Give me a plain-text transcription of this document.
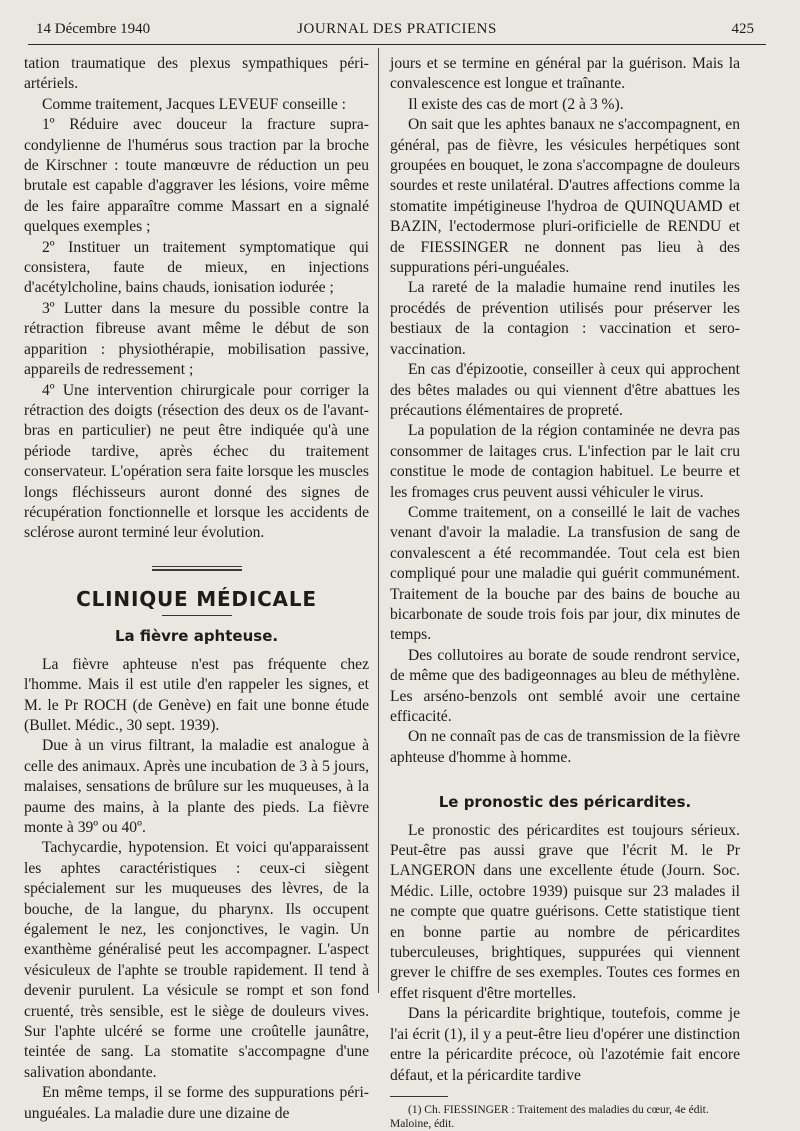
14 Décembre 1940	JOURNAL DES PRATICIENS	425

tation traumatique des plexus sympathiques péri-artériels.

Comme traitement, Jacques LEVEUF conseille :

1º Réduire avec douceur la fracture supra-condylienne de l'humérus sous traction par la broche de Kirschner : toute manœuvre de réduction un peu brutale est capable d'aggraver les lésions, voire même de les faire apparaître comme Massart en a signalé quelques exemples ;

2º Instituer un traitement symptomatique qui consistera, faute de mieux, en injections d'acétylcholine, bains chauds, ionisation iodurée ;

3º Lutter dans la mesure du possible contre la rétraction fibreuse avant même le début de son apparition : physiothérapie, mobilisation passive, appareils de redressement ;

4º Une intervention chirurgicale pour corriger la rétraction des doigts (résection des deux os de l'avant-bras en particulier) ne peut être indiquée qu'à une période tardive, après échec du traitement conservateur. L'opération sera faite lorsque les muscles longs fléchisseurs auront donné des signes de récupération fonctionnelle et lorsque les accidents de sclérose auront terminé leur évolution.

CLINIQUE MÉDICALE
La fièvre aphteuse.

La fièvre aphteuse n'est pas fréquente chez l'homme. Mais il est utile d'en rappeler les signes, et M. le Pr ROCH (de Genève) en fait une bonne étude (Bullet. Médic., 30 sept. 1939).

Due à un virus filtrant, la maladie est analogue à celle des animaux. Après une incubation de 3 à 5 jours, malaises, sensations de brûlure sur les muqueuses, à la paume des mains, à la plante des pieds. La fièvre monte à 39º ou 40º.

Tachycardie, hypotension. Et voici qu'apparaissent les aphtes caractéristiques : ceux-ci siègent spécialement sur les muqueuses des lèvres, de la bouche, de la langue, du pharynx. Ils occupent également le nez, les conjonctives, le vagin. Un exanthème généralisé peut les accompagner. L'aspect vésiculeux de l'aphte se trouble rapidement. Il tend à devenir purulent. La vésicule se rompt et son fond cruenté, très sensible, est le siège de douleurs vives. Sur l'aphte ulcéré se forme une croûtelle jaunâtre, teintée de sang. La stomatite s'accompagne d'une salivation abondante.

En même temps, il se forme des suppurations péri-unguéales. La maladie dure une dizaine de

jours et se termine en général par la guérison. Mais la convalescence est longue et traînante.

Il existe des cas de mort (2 à 3 %).

On sait que les aphtes banaux ne s'accompagnent, en général, pas de fièvre, les vésicules herpétiques sont groupées en bouquet, le zona s'accompagne de douleurs sourdes et reste unilatéral. D'autres affections comme la stomatite impétigineuse l'hydroa de QUINQUAMD et BAZIN, l'ectodermose pluri-orificielle de RENDU et de FIESSINGER ne donnent pas lieu à des suppurations péri-unguéales.

La rareté de la maladie humaine rend inutiles les procédés de prévention utilisés pour préserver les bestiaux de la contagion : vaccination et sero-vaccination.

En cas d'épizootie, conseiller à ceux qui approchent des bêtes malades ou qui viennent d'être abattues les précautions élémentaires de propreté.

La population de la région contaminée ne devra pas consommer de laitages crus. L'infection par le lait cru constitue le mode de contagion habituel. Le beurre et les fromages crus peuvent aussi véhiculer le virus.

Comme traitement, on a conseillé le lait de vaches venant d'avoir la maladie. La transfusion de sang de convalescent a été recommandée. Tout cela est bien compliqué pour une maladie qui guérit communément. Traitement de la bouche par des bains de bouche au bicarbonate de soude trois fois par jour, dix minutes de temps.

Des collutoires au borate de soude rendront service, de même que des badigeonnages au bleu de méthylène. Les arséno-benzols ont semblé avoir une certaine efficacité.

On ne connaît pas de cas de transmission de la fièvre aphteuse d'homme à homme.

Le pronostic des péricardites.

Le pronostic des péricardites est toujours sérieux. Peut-être pas aussi grave que l'écrit M. le Pr LANGERON dans une excellente étude (Journ. Soc. Médic. Lille, octobre 1939) puisque sur 23 malades il ne compte que quatre guérisons. Cette statistique tient en bonne partie au nombre de péricardites tuberculeuses, brightiques, suppurées qui viennent grever le chiffre de ses exemples. Toutes ces formes en effet risquent d'être mortelles.

Dans la péricardite brightique, toutefois, comme je l'ai écrit (1), il y a peut-être lieu d'opérer une distinction entre la péricardite précoce, où l'azotémie fait encore défaut, et la péricardite tardive

(1) Ch. FIESSINGER : Traitement des maladies du cœur, 4e édit. Maloine, édit.
